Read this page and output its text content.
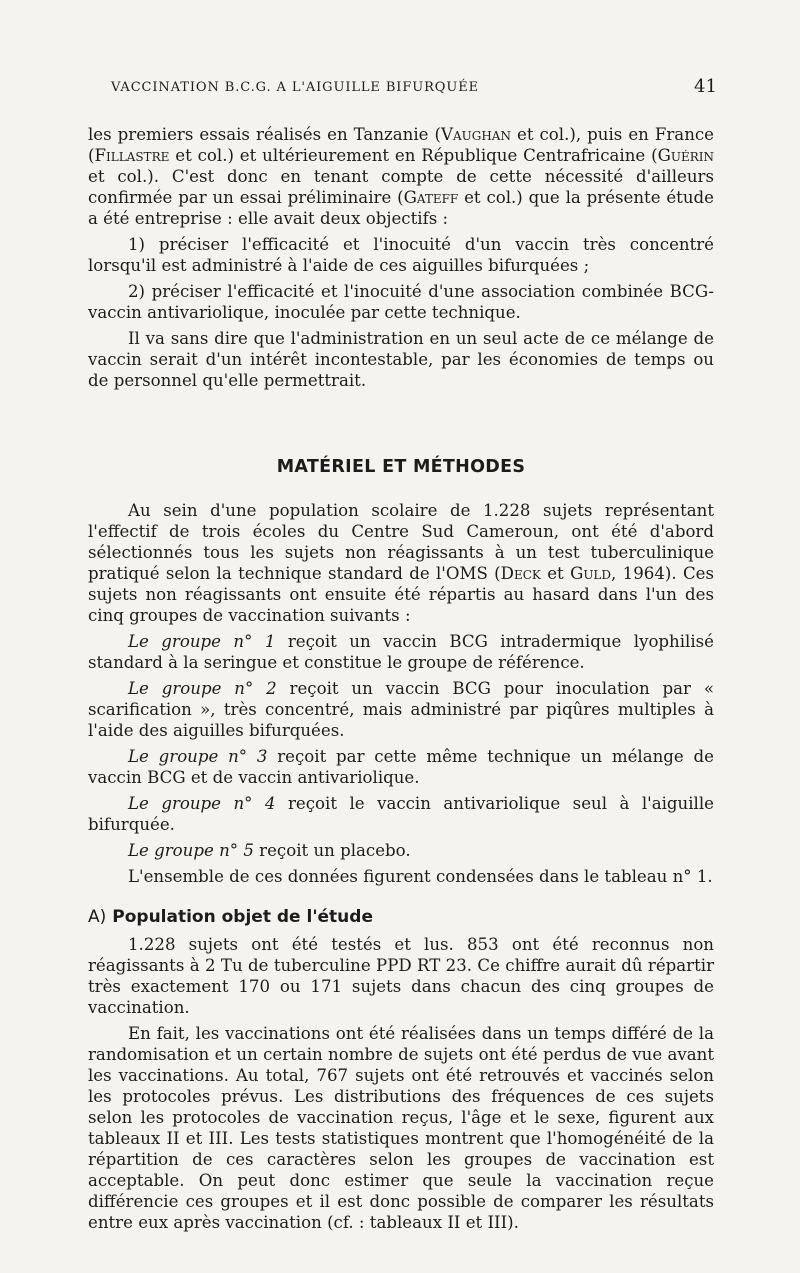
VACCINATION B.C.G. A L'AIGUILLE BIFURQUÉE	41

les premiers essais réalisés en Tanzanie (Vaughan et col.), puis en France (Fillastre et col.) et ultérieurement en République Centrafricaine (Guérin et col.). C'est donc en tenant compte de cette nécessité d'ailleurs confirmée par un essai préliminaire (Gateff et col.) que la présente étude a été entreprise : elle avait deux objectifs :

1) préciser l'efficacité et l'inocuité d'un vaccin très concentré lorsqu'il est administré à l'aide de ces aiguilles bifurquées ;

2) préciser l'efficacité et l'inocuité d'une association combinée BCG-vaccin antivariolique, inoculée par cette technique.

Il va sans dire que l'administration en un seul acte de ce mélange de vaccin serait d'un intérêt incontestable, par les économies de temps ou de personnel qu'elle permettrait.

MATÉRIEL ET MÉTHODES

Au sein d'une population scolaire de 1.228 sujets représentant l'effectif de trois écoles du Centre Sud Cameroun, ont été d'abord sélectionnés tous les sujets non réagissants à un test tuberculinique pratiqué selon la technique standard de l'OMS (Deck et Guld, 1964). Ces sujets non réagissants ont ensuite été répartis au hasard dans l'un des cinq groupes de vaccination suivants :

Le groupe n° 1 reçoit un vaccin BCG intradermique lyophilisé standard à la seringue et constitue le groupe de référence.

Le groupe n° 2 reçoit un vaccin BCG pour inoculation par « scarification », très concentré, mais administré par piqûres multiples à l'aide des aiguilles bifurquées.

Le groupe n° 3 reçoit par cette même technique un mélange de vaccin BCG et de vaccin antivariolique.

Le groupe n° 4 reçoit le vaccin antivariolique seul à l'aiguille bifurquée.

Le groupe n° 5 reçoit un placebo.

L'ensemble de ces données figurent condensées dans le tableau n° 1.

A) Population objet de l'étude

1.228 sujets ont été testés et lus. 853 ont été reconnus non réagissants à 2 Tu de tuberculine PPD RT 23. Ce chiffre aurait dû répartir très exactement 170 ou 171 sujets dans chacun des cinq groupes de vaccination.

En fait, les vaccinations ont été réalisées dans un temps différé de la randomisation et un certain nombre de sujets ont été perdus de vue avant les vaccinations. Au total, 767 sujets ont été retrouvés et vaccinés selon les protocoles prévus. Les distributions des fréquences de ces sujets selon les protocoles de vaccination reçus, l'âge et le sexe, figurent aux tableaux II et III. Les tests statistiques montrent que l'homogénéité de la répartition de ces caractères selon les groupes de vaccination est acceptable. On peut donc estimer que seule la vaccination reçue différencie ces groupes et il est donc possible de comparer les résultats entre eux après vaccination (cf. : tableaux II et III).
